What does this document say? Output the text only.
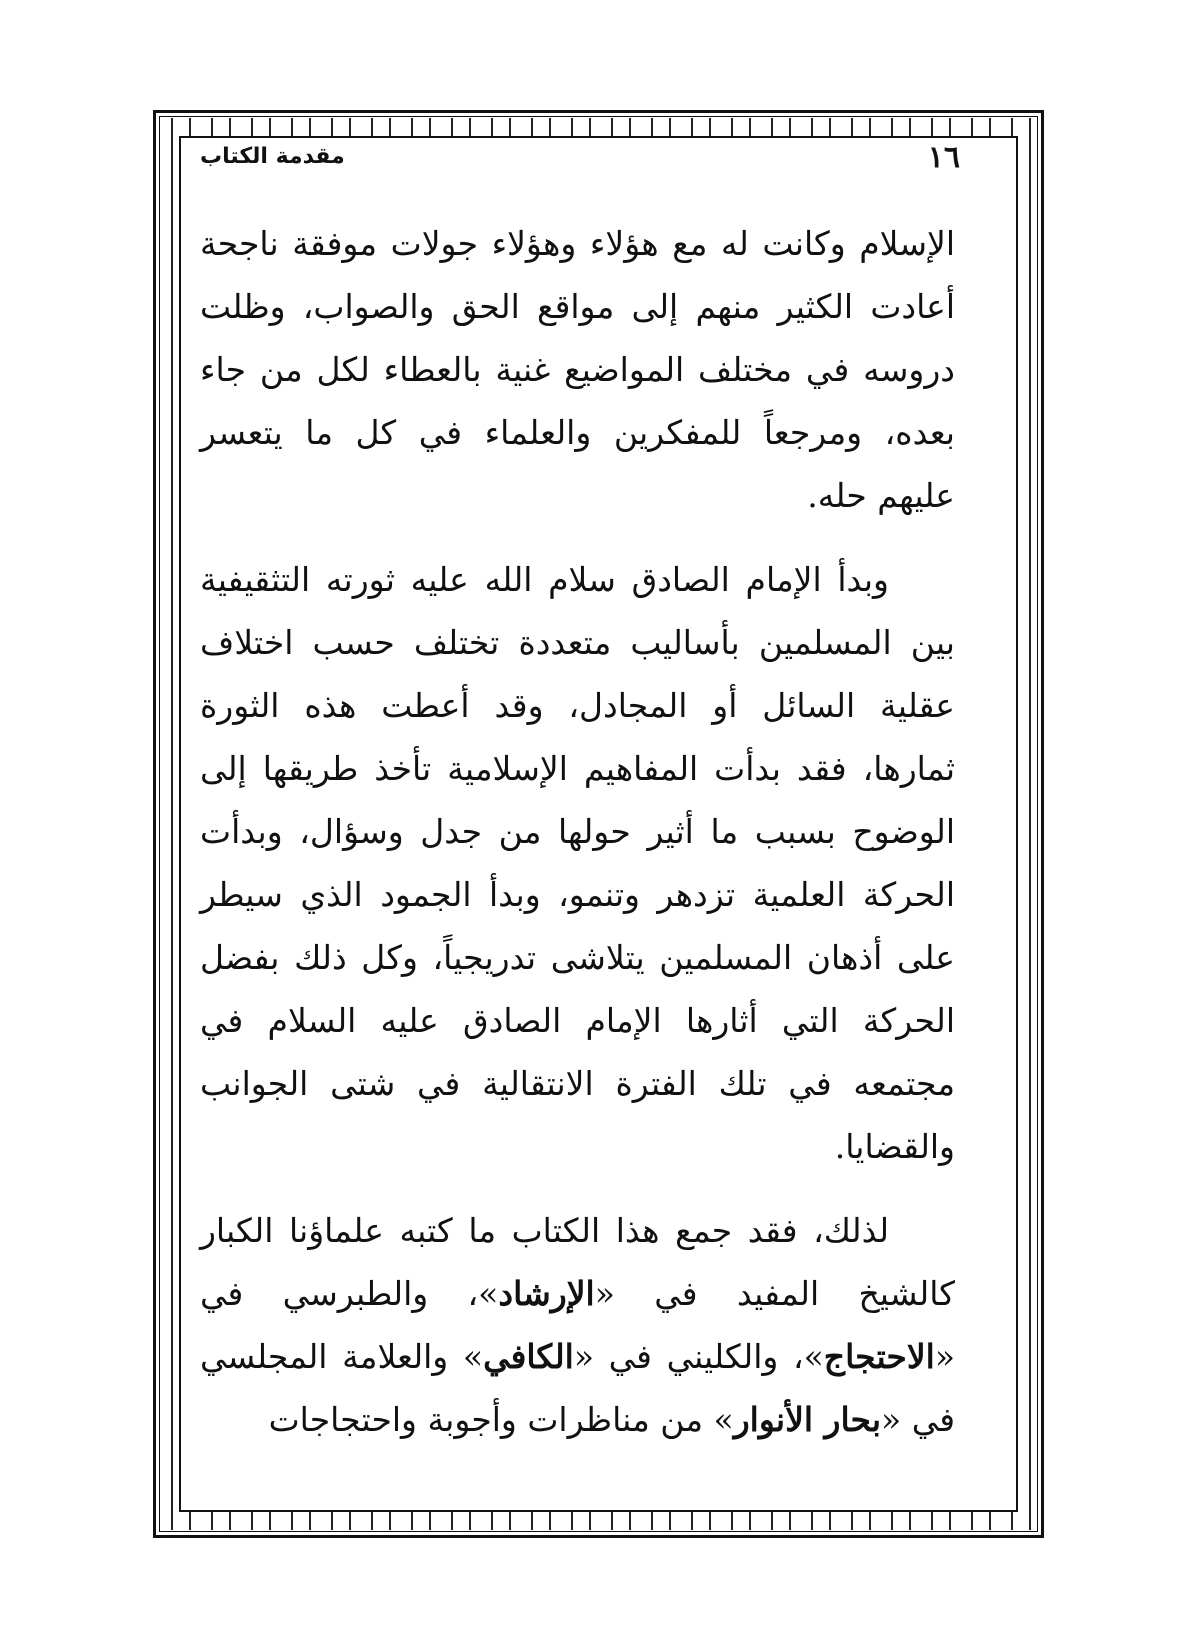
١٦
مقدمة الكتاب

الإسلام وكانت له مع هؤلاء وهؤلاء جولات موفقة ناجحة أعادت الكثير منهم إلى مواقع الحق والصواب، وظلت دروسه في مختلف المواضيع غنية بالعطاء لكل من جاء بعده، ومرجعاً للمفكرين والعلماء في كل ما يتعسر عليهم حله.

وبدأ الإمام الصادق سلام الله عليه ثورته التثقيفية بين المسلمين بأساليب متعددة تختلف حسب اختلاف عقلية السائل أو المجادل، وقد أعطت هذه الثورة ثمارها، فقد بدأت المفاهيم الإسلامية تأخذ طريقها إلى الوضوح بسبب ما أثير حولها من جدل وسؤال، وبدأت الحركة العلمية تزدهر وتنمو، وبدأ الجمود الذي سيطر على أذهان المسلمين يتلاشى تدريجياً، وكل ذلك بفضل الحركة التي أثارها الإمام الصادق عليه السلام في مجتمعه في تلك الفترة الانتقالية في شتى الجوانب والقضايا.

لذلك، فقد جمع هذا الكتاب ما كتبه علماؤنا الكبار كالشيخ المفيد في «الإرشاد»، والطبرسي في «الاحتجاج»، والكليني في «الكافي» والعلامة المجلسي في «بحار الأنوار» من مناظرات وأجوبة واحتجاجات
